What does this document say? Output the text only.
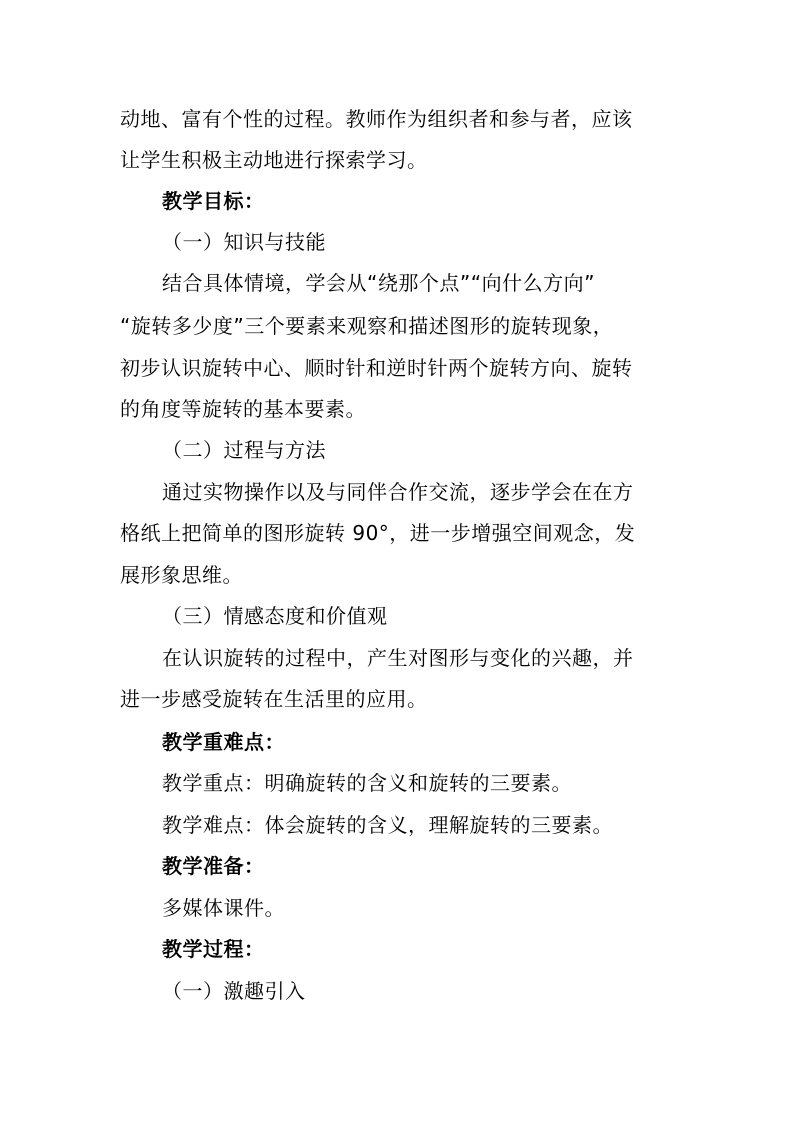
动地、富有个性的过程。教师作为组织者和参与者，应该
让学生积极主动地进行探索学习。
教学目标：
（一）知识与技能
结合具体情境，学会从“绕那个点”“向什么方向”
“旋转多少度”三个要素来观察和描述图形的旋转现象，
初步认识旋转中心、顺时针和逆时针两个旋转方向、旋转
的角度等旋转的基本要素。
（二）过程与方法
通过实物操作以及与同伴合作交流，逐步学会在在方
格纸上把简单的图形旋转 90°，进一步增强空间观念，发
展形象思维。
（三）情感态度和价值观
在认识旋转的过程中，产生对图形与变化的兴趣，并
进一步感受旋转在生活里的应用。
教学重难点：
教学重点：明确旋转的含义和旋转的三要素。
教学难点：体会旋转的含义，理解旋转的三要素。
教学准备：
多媒体课件。
教学过程：
（一）激趣引入
